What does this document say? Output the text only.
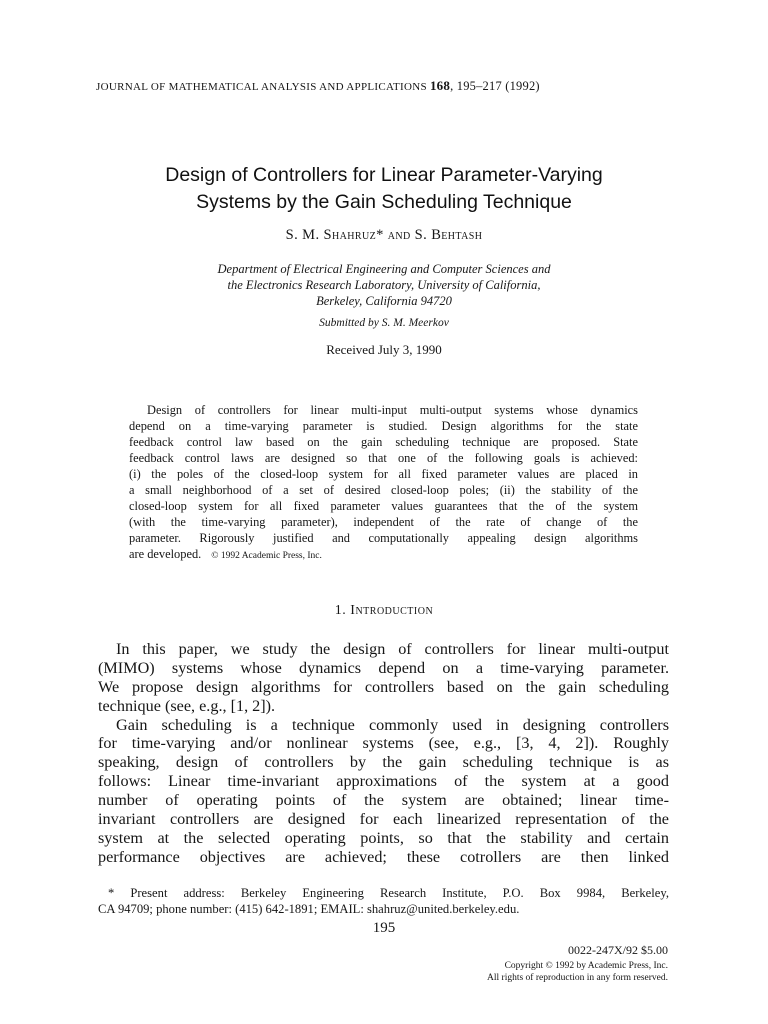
JOURNAL OF MATHEMATICAL ANALYSIS AND APPLICATIONS 168, 195–217 (1992)
Design of Controllers for Linear Parameter-Varying
Systems by the Gain Scheduling Technique
S. M. Shahruz* and S. Behtash
Department of Electrical Engineering and Computer Sciences and
the Electronics Research Laboratory, University of California,
Berkeley, California 94720
Submitted by S. M. Meerkov
Received July 3, 1990
Design of controllers for linear multi-input multi-output systems whose dynamics
depend on a time-varying parameter is studied. Design algorithms for the state
feedback control law based on the gain scheduling technique are proposed. State
feedback control laws are designed so that one of the following goals is achieved:
(i) the poles of the closed-loop system for all fixed parameter values are placed in
a small neighborhood of a set of desired closed-loop poles; (ii) the stability of the
closed-loop system for all fixed parameter values guarantees that the of the system
(with the time-varying parameter), independent of the rate of change of the
parameter. Rigorously justified and computationally appealing design algorithms
are developed. © 1992 Academic Press, Inc.
1. Introduction
In this paper, we study the design of controllers for linear multi-output
(MIMO) systems whose dynamics depend on a time-varying parameter.
We propose design algorithms for controllers based on the gain scheduling
technique (see, e.g., [1, 2]).
Gain scheduling is a technique commonly used in designing controllers
for time-varying and/or nonlinear systems (see, e.g., [3, 4, 2]). Roughly
speaking, design of controllers by the gain scheduling technique is as
follows: Linear time-invariant approximations of the system at a good
number of operating points of the system are obtained; linear time-
invariant controllers are designed for each linearized representation of the
system at the selected operating points, so that the stability and certain
performance objectives are achieved; these cotrollers are then linked
* Present address: Berkeley Engineering Research Institute, P.O. Box 9984, Berkeley,
CA 94709; phone number: (415) 642-1891; EMAIL: shahruz@united.berkeley.edu.
195
0022-247X/92 $5.00
Copyright © 1992 by Academic Press, Inc.
All rights of reproduction in any form reserved.
